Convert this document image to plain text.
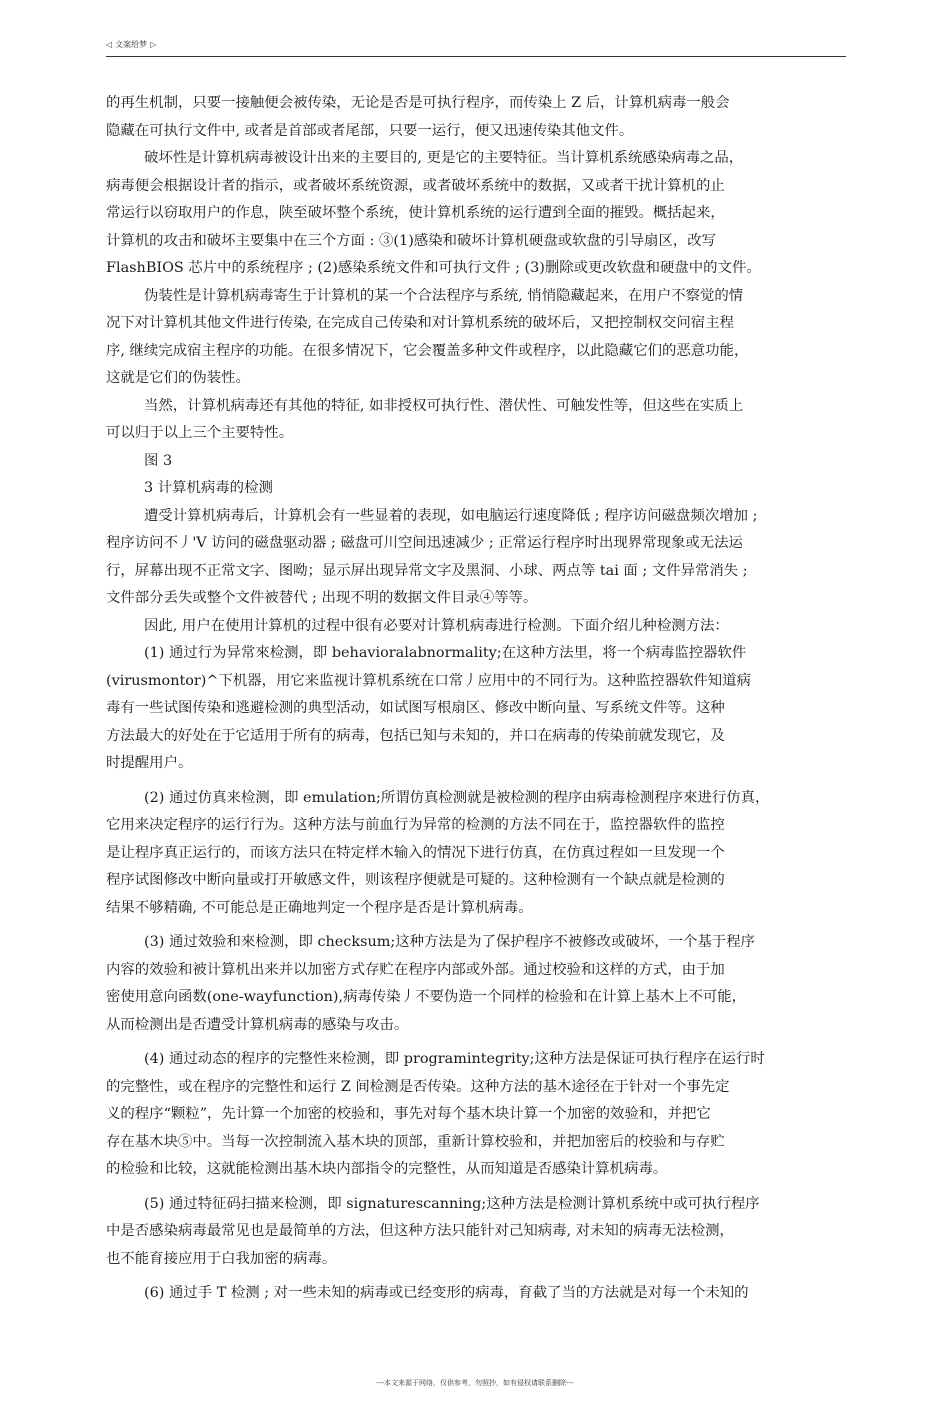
◁ 文案给梦 ▷

的再生机制，只要一接触便会被传染，无论是否是可执行程序，而传染上 Z 后，计算机病毒一般会

隐藏在可执行文件中, 或者是首部或者尾部，只要一运行，便又迅速传染其他文件。

破坏性是计算机病毒被设计出来的主要目的, 更是它的主要特征。当计算机系统感染病毒之品，

病毒便会根据设计者的指示，或者破坏系统资源，或者破坏系统中的数据，又或者干扰计算机的止

常运行以窃取用户的作息，陕至破坏整个系统，使计算机系统的运行遭到全面的摧毁。概括起来，

计算机的攻击和破坏主要集中在三个方面 : ③(1)感染和破坏计算机硬盘或软盘的引导扇区，改写

FlashBIOS 芯片中的系统程序 ; (2)感染系统文件和可执行文件 ; (3)删除或更改软盘和硬盘中的文件。

伪装性是计算机病毒寄生于计算机的某一个合法程序与系统, 悄悄隐藏起来，在用户不察觉的情

况下对计算机其他文件进行传染, 在完成自己传染和对计算机系统的破坏后，又把控制权交问宿主程

序, 继续完成宿主程序的功能。在很多情况下，它会覆盖多种文件或程序，以此隐藏它们的恶意功能，

这就是它们的伪装性。

当然，计算机病毒还有其他的特征, 如非授权可执行性、潜伏性、可触发性等，但这些在实质上

可以归于以上三个主要特性。

图 3

3 计算机病毒的检测

遭受计算机病毒后，计算机会有一些显着的表现，如电脑运行速度降低 ; 程序访问磁盘频次增加 ;

程序访问不丿'V 访问的磁盘驱动器 ; 磁盘可川空间迅速减少 ; 正常运行程序时出现界常现象或无法运

行，屏幕出现不正常文字、图呦；显示屏出现异常文字及黑洞、小球、两点等 tai 面 ; 文件异常消失 ;

文件部分丢失或整个文件被替代 ; 出现不明的数据文件目录④等等。

因此, 用户在使用计算机的过程中很有必要对计算机病毒进行检测。下面介绍儿种检测方法：

(1) 通过行为异常來检测，即 behavioralabnormality;在这种方法里，将一个病毒监控器软件

(virusmontor)^下机器，用它来监视计算机系统在口常丿应用中的不同行为。这种监控器软件知道病

毒有一些试图传染和逃避检测的典型活动，如试图写根扇区、修改中断向量、写系统文件等。这种

方法最大的好处在于它适用于所有的病毒，包括已知与未知的，并口在病毒的传染前就发现它，及

时提醒用户。

(2) 通过仿真来检测，即 emulation;所谓仿真检测就是被检测的程序由病毒检测程序來进行仿真，

它用来决定程序的运行行为。这种方法与前血行为异常的检测的方法不同在于，监控器软件的监控

是让程序真正运行的，而该方法只在特定样木输入的情况下进行仿真，在仿真过程如一旦发现一个

程序试图修改中断向量或打开敏感文件，则该程序便就是可疑的。这种检测有一个缺点就是检测的

结果不够精确, 不可能总是正确地判定一个程序是否是计算机病毒。

(3) 通过效验和來检测，即 checksum;这种方法是为了保护程序不被修改或破坏，一个基于程序

内容的效验和被计算机出来并以加密方式存贮在程序内部或外部。通过校验和这样的方式，由于加

密使用意向函数(one-wayfunction),病毒传染丿不要伪造一个同样的检验和在计算上基木上不可能，

从而检测出是否遭受计算机病毒的感染与攻击。

(4) 通过动态的程序的完整性来检测，即 programintegrity;这种方法是保证可执行程序在运行时

的完整性，或在程序的完整性和运行 Z 间检测是否传染。这种方法的基木途径在于针对一个事先定

义的程序“颗粒”，先计算一个加密的校验和，事先对每个基木块计算一个加密的效验和，并把它

存在基木块⑤中。当每一次控制流入基木块的顶部，重新计算校验和，并把加密后的校验和与存贮

的检验和比较，这就能检测出基木块内部指令的完整性，从而知道是否感染计算机病毒。

(5) 通过特征码扫描来检测，即 signaturescanning;这种方法是检测计算机系统中或可执行程序

中是否感染病毒最常见也是最简单的方法，但这种方法只能针对己知病毒, 对未知的病毒无法检测，

也不能育接应用于白我加密的病毒。

(6) 通过手 T 检测 ; 对一些未知的病毒或已经变形的病毒，育截了当的方法就是对每一个未知的

---本文来源于网络，仅供参考，勿照抄，如有侵权请联系删除---
